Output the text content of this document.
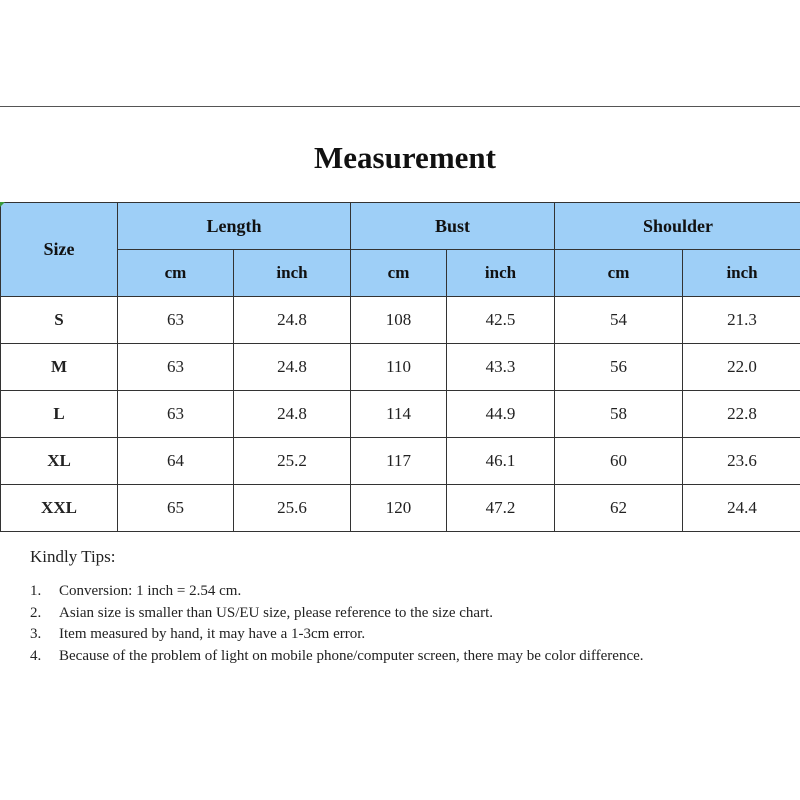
Measurement
Size	Length		Bust		Shoulder	
	cm	inch	cm	inch	cm	inch
S	63	24.8	108	42.5	54	21.3
M	63	24.8	110	43.3	56	22.0
L	63	24.8	114	44.9	58	22.8
XL	64	25.2	117	46.1	60	23.6
XXL	65	25.6	120	47.2	62	24.4
Kindly Tips:
1. Conversion: 1 inch = 2.54 cm.
2. Asian size is smaller than US/EU size, please reference to the size chart.
3. Item measured by hand, it may have a 1-3cm error.
4. Because of the problem of light on mobile phone/computer screen, there may be color difference.
